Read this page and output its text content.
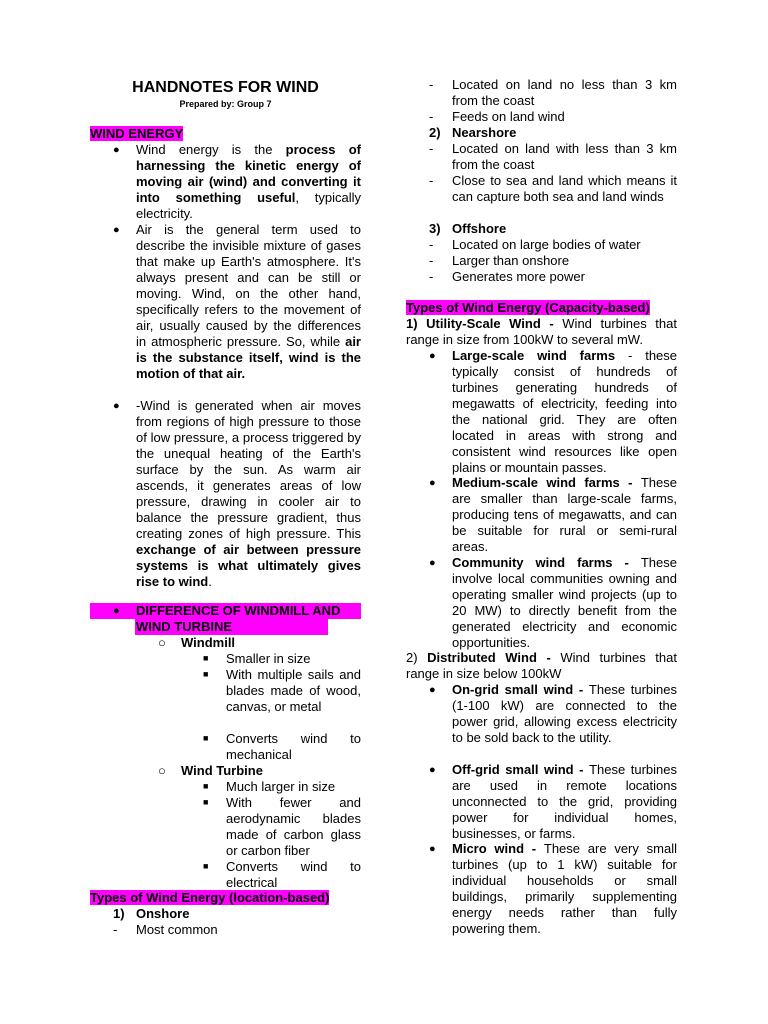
HANDNOTES FOR WIND
Prepared by: Group 7
WIND ENERGY
● Wind energy is the process of harnessing the kinetic energy of moving air (wind) and converting it into something useful, typically electricity.

● Air is the general term used to describe the invisible mixture of gases that make up Earth's atmosphere. It's always present and can be still or moving. Wind, on the other hand, specifically refers to the movement of air, usually caused by the differences in atmospheric pressure. So, while air is the substance itself, wind is the motion of that air.

● -Wind is generated when air moves from regions of high pressure to those of low pressure, a process triggered by the unequal heating of the Earth's surface by the sun. As warm air ascends, it generates areas of low pressure, drawing in cooler air to balance the pressure gradient, thus creating zones of high pressure. This exchange of air between pressure systems is what ultimately gives rise to wind.

● DIFFERENCE OF WINDMILL AND

WIND TURBINE

○ Windmill

■ Smaller in size

■ With multiple sails and blades made of wood, canvas, or metal

■ Converts wind to mechanical

○ Wind Turbine

■ Much larger in size

■ With fewer and aerodynamic blades made of carbon glass or carbon fiber

■ Converts wind to electrical

Types of Wind Energy (location-based)

1) Onshore

- Most common

- Located on land no less than 3 km from the coast

- Feeds on land wind

2) Nearshore

- Located on land with less than 3 km from the coast

- Close to sea and land which means it can capture both sea and land winds

3) Offshore

- Located on large bodies of water

- Larger than onshore

- Generates more power

Types of Wind Energy (Capacity-based)

1) Utility-Scale Wind - Wind turbines that range in size from 100kW to several mW.

● Large-scale wind farms - these typically consist of hundreds of turbines generating hundreds of megawatts of electricity, feeding into the national grid. They are often located in areas with strong and consistent wind resources like open plains or mountain passes.

● Medium-scale wind farms - These are smaller than large-scale farms, producing tens of megawatts, and can be suitable for rural or semi-rural areas.

● Community wind farms - These involve local communities owning and operating smaller wind projects (up to 20 MW) to directly benefit from the generated electricity and economic opportunities.

2) Distributed Wind - Wind turbines that range in size below 100kW

● On-grid small wind - These turbines (1-100 kW) are connected to the power grid, allowing excess electricity to be sold back to the utility.

● Off-grid small wind - These turbines are used in remote locations unconnected to the grid, providing power for individual homes, businesses, or farms.

● Micro wind - These are very small turbines (up to 1 kW) suitable for individual households or small buildings, primarily supplementing energy needs rather than fully powering them.
